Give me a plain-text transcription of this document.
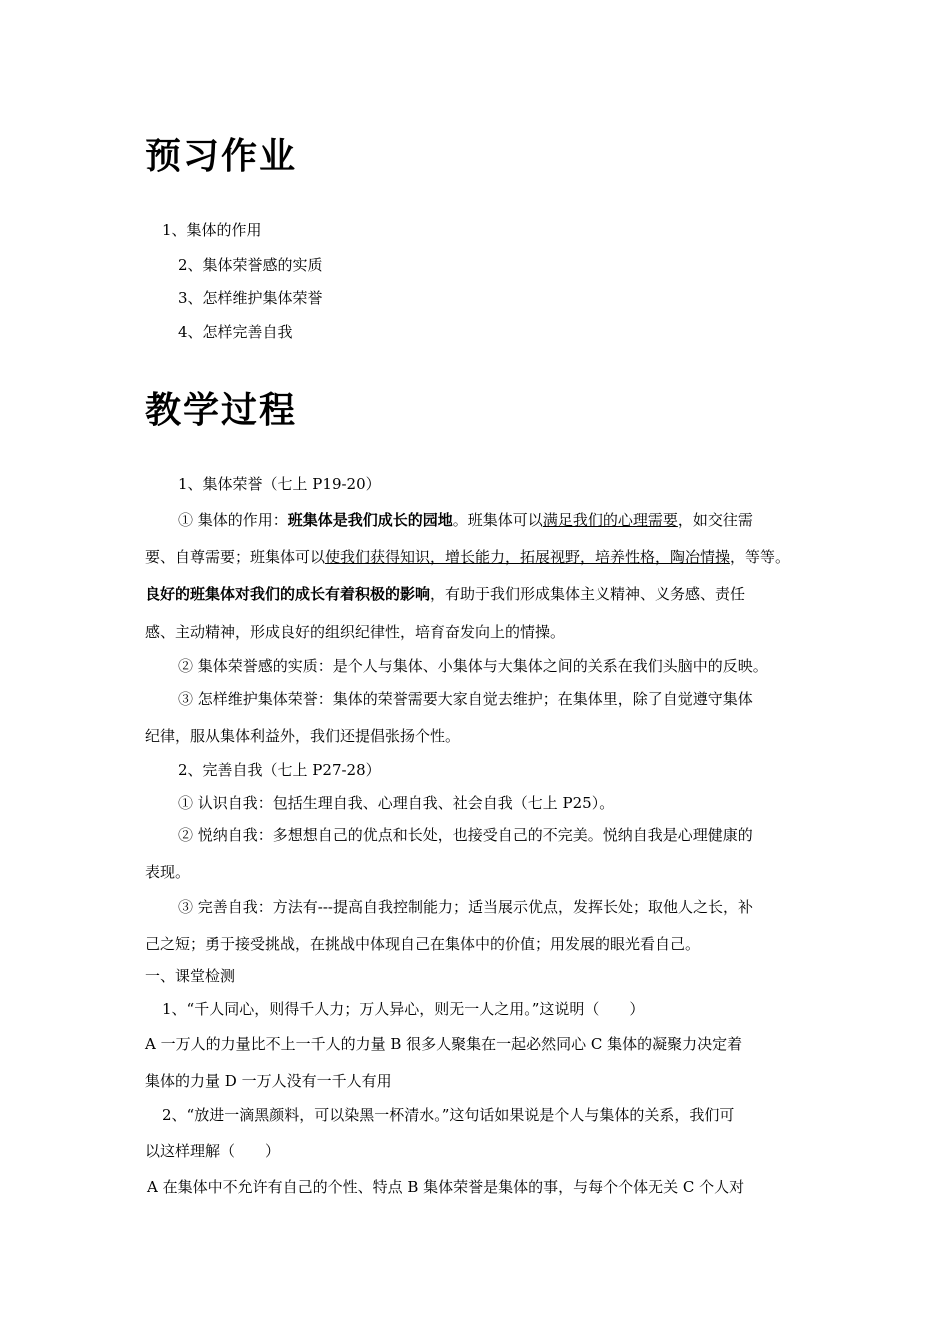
预习作业
1、集体的作用
2、集体荣誉感的实质
3、怎样维护集体荣誉
4、怎样完善自我
教学过程
1、集体荣誉（七上 P19-20）
① 集体的作用：班集体是我们成长的园地。班集体可以满足我们的心理需要，如交往需
要、自尊需要；班集体可以使我们获得知识，增长能力，拓展视野，培养性格，陶冶情操，等等。
良好的班集体对我们的成长有着积极的影响，有助于我们形成集体主义精神、义务感、责任
感、主动精神，形成良好的组织纪律性，培育奋发向上的情操。
② 集体荣誉感的实质：是个人与集体、小集体与大集体之间的关系在我们头脑中的反映。
③ 怎样维护集体荣誉：集体的荣誉需要大家自觉去维护；在集体里，除了自觉遵守集体
纪律，服从集体利益外，我们还提倡张扬个性。
2、完善自我（七上 P27-28）
① 认识自我：包括生理自我、心理自我、社会自我（七上 P25）。
② 悦纳自我：多想想自己的优点和长处，也接受自己的不完美。悦纳自我是心理健康的
表现。
③ 完善自我：方法有---提高自我控制能力；适当展示优点，发挥长处；取他人之长，补
己之短；勇于接受挑战，在挑战中体现自己在集体中的价值；用发展的眼光看自己。
一、课堂检测
1、“千人同心，则得千人力；万人异心，则无一人之用。”这说明（　　）
A 一万人的力量比不上一千人的力量 B 很多人聚集在一起必然同心 C 集体的凝聚力决定着
集体的力量 D 一万人没有一千人有用
2、“放进一滴黑颜料，可以染黑一杯清水。”这句话如果说是个人与集体的关系，我们可
以这样理解（　　）
A 在集体中不允许有自己的个性、特点 B 集体荣誉是集体的事，与每个个体无关 C 个人对
